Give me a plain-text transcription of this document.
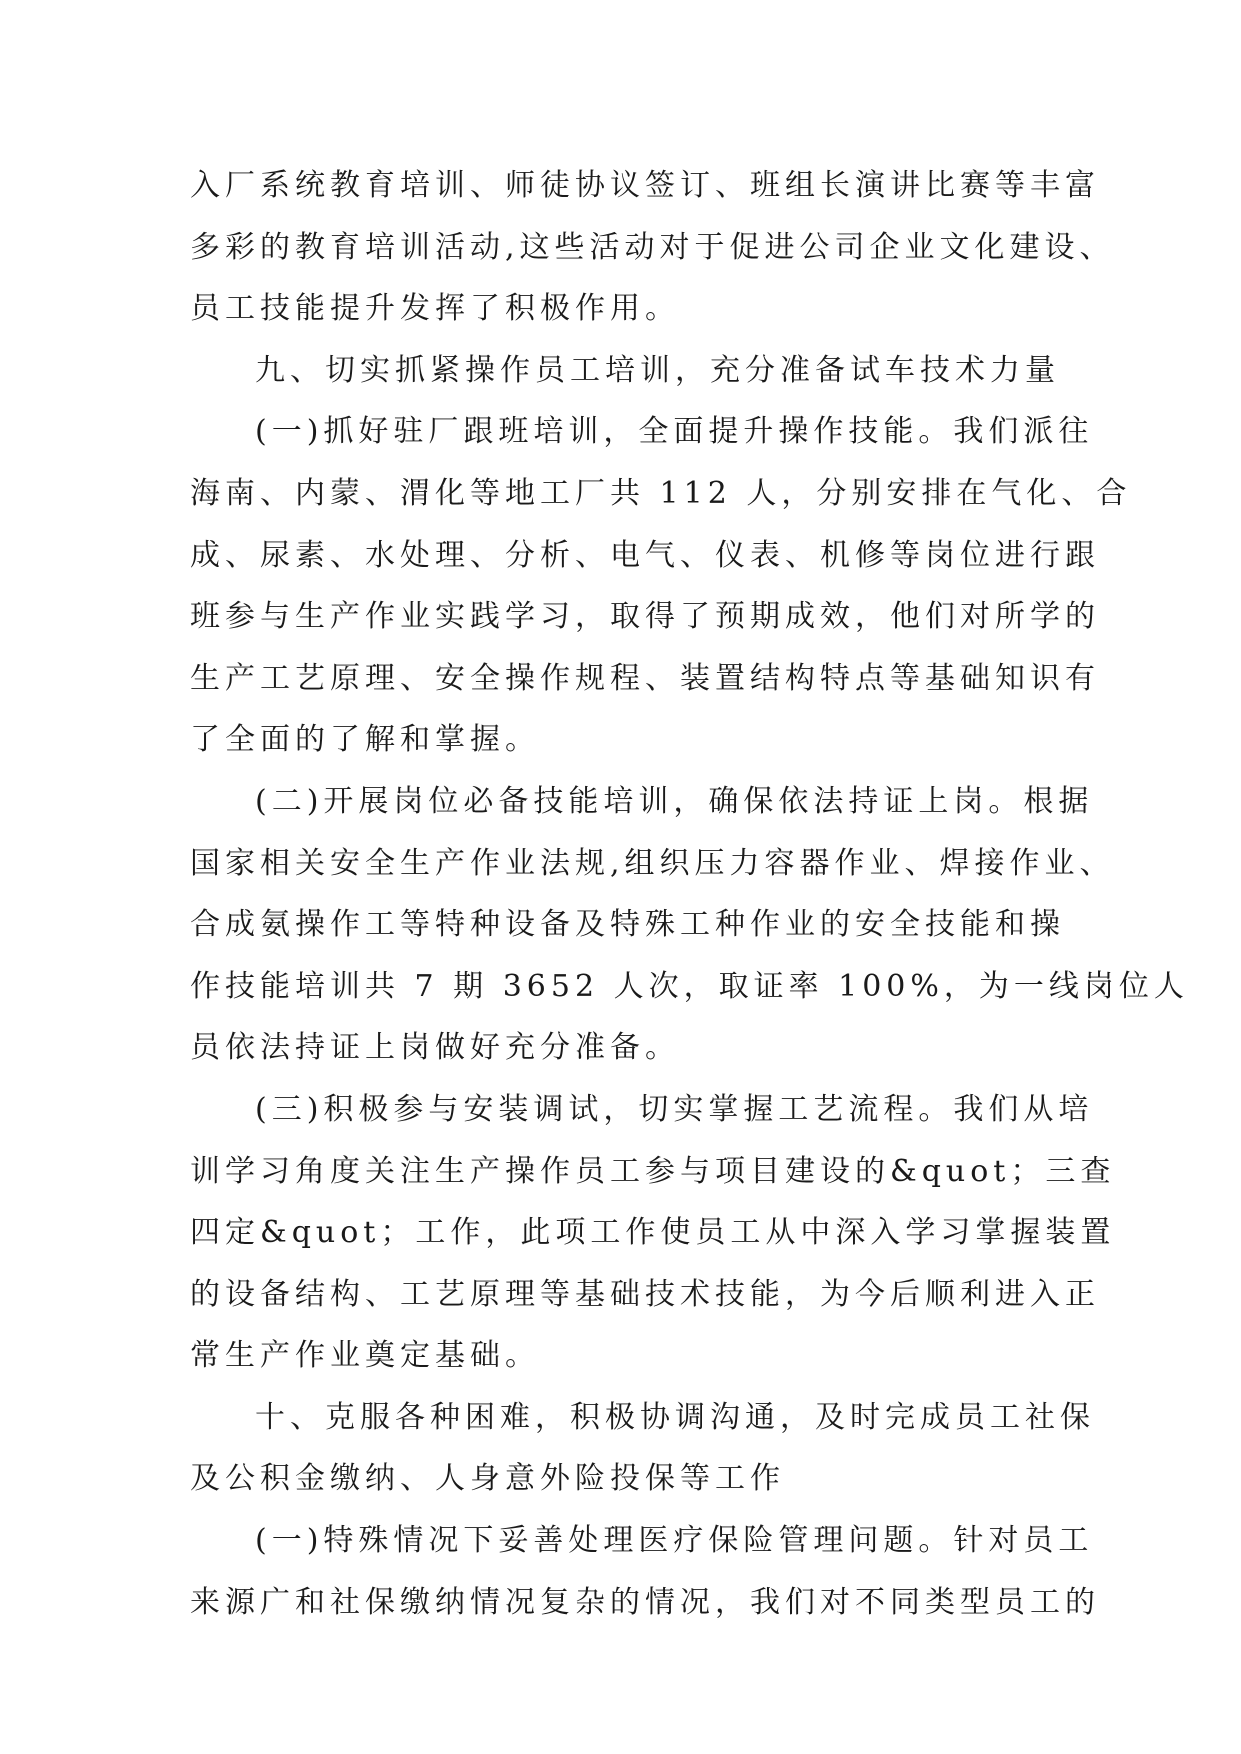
入厂系统教育培训、师徒协议签订、班组长演讲比赛等丰富
多彩的教育培训活动,这些活动对于促进公司企业文化建设、
员工技能提升发挥了积极作用。
九、切实抓紧操作员工培训，充分准备试车技术力量
(一)抓好驻厂跟班培训，全面提升操作技能。我们派往
海南、内蒙、渭化等地工厂共 112 人，分别安排在气化、合
成、尿素、水处理、分析、电气、仪表、机修等岗位进行跟
班参与生产作业实践学习，取得了预期成效，他们对所学的
生产工艺原理、安全操作规程、装置结构特点等基础知识有
了全面的了解和掌握。
(二)开展岗位必备技能培训，确保依法持证上岗。根据
国家相关安全生产作业法规,组织压力容器作业、焊接作业、
合成氨操作工等特种设备及特殊工种作业的安全技能和操
作技能培训共 7 期 3652 人次，取证率 100%，为一线岗位人
员依法持证上岗做好充分准备。
(三)积极参与安装调试，切实掌握工艺流程。我们从培
训学习角度关注生产操作员工参与项目建设的&quot；三查
四定&quot；工作，此项工作使员工从中深入学习掌握装置
的设备结构、工艺原理等基础技术技能，为今后顺利进入正
常生产作业奠定基础。
十、克服各种困难，积极协调沟通，及时完成员工社保
及公积金缴纳、人身意外险投保等工作
(一)特殊情况下妥善处理医疗保险管理问题。针对员工
来源广和社保缴纳情况复杂的情况，我们对不同类型员工的
